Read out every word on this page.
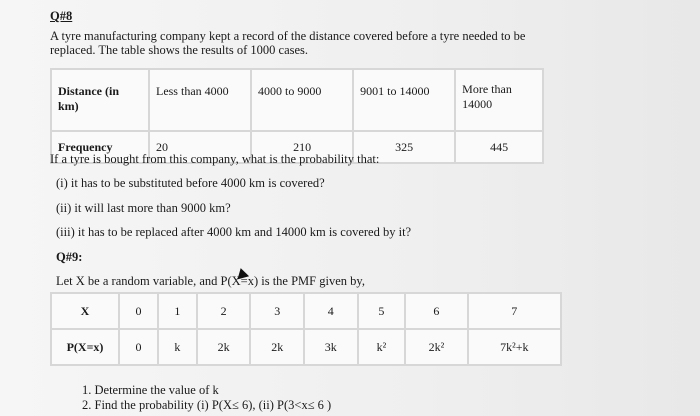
Q#8
A tyre manufacturing company kept a record of the distance covered before a tyre needed to be
replaced. The table shows the results of 1000 cases.
Distance (in km)	Less than 4000	4000 to 9000	9001 to 14000	More than 14000
Frequency	20	210	325	445
If a tyre is bought from this company, what is the probability that:
(i) it has to be substituted before 4000 km is covered?
(ii) it will last more than 9000 km?
(iii) it has to be replaced after 4000 km and 14000 km is covered by it?
Q#9:
Let X be a random variable, and P(X=x) is the PMF given by,
X	0	1	2	3	4	5	6	7
P(X=x)	0	k	2k	2k	3k	k²	2k²	7k²+k
1. Determine the value of k
2. Find the probability (i) P(X≤ 6), (ii) P(3<x≤ 6 )
